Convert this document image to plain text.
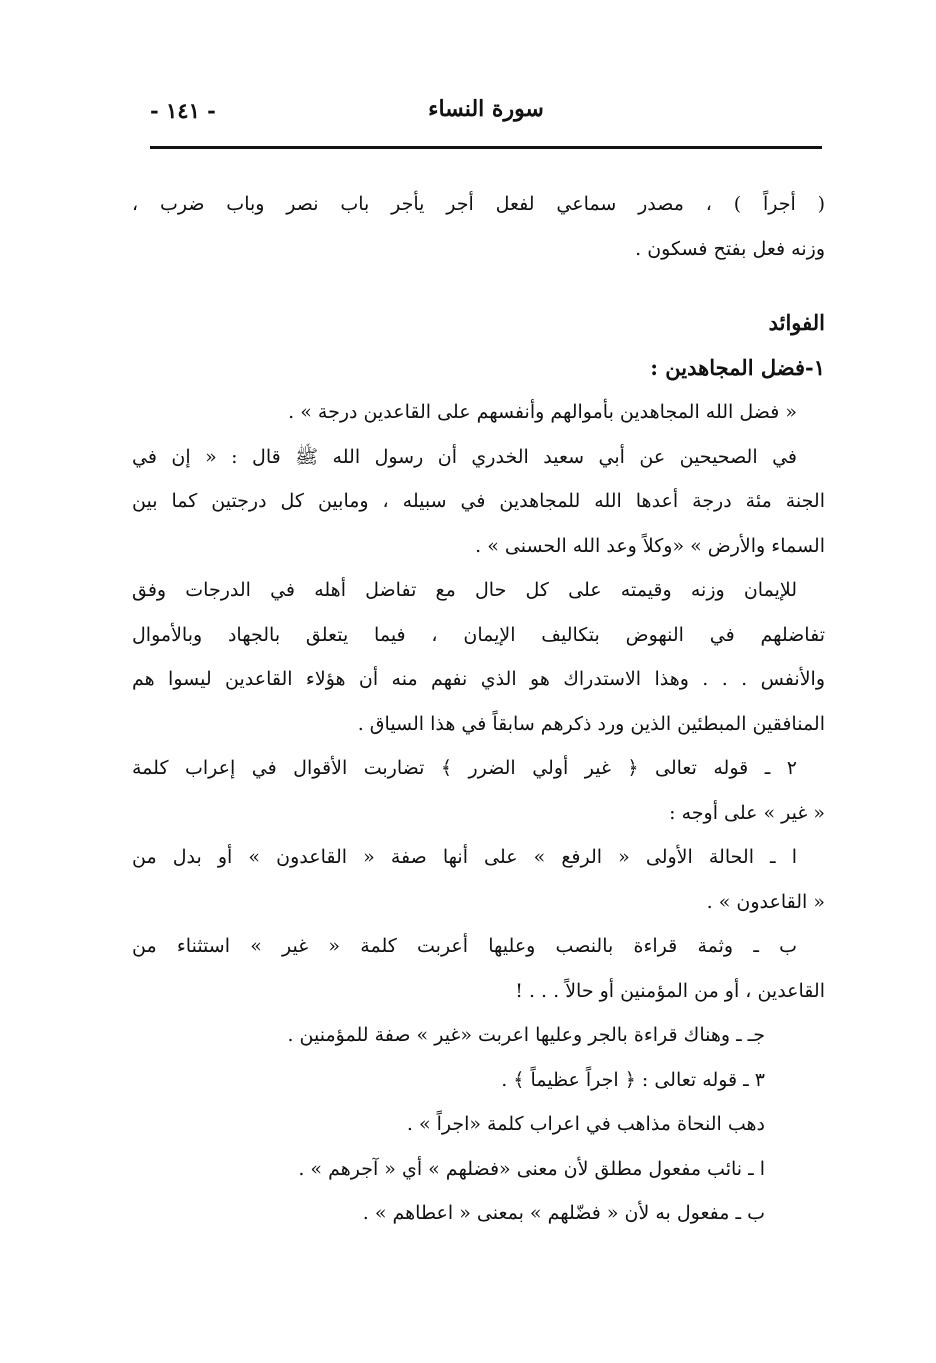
سورة النساء
- ١٤١ -
( أجراً ) ، مصدر سماعي لفعل أجر يأجر باب نصر وباب ضرب ،
وزنه فعل بفتح فسكون .
الفوائد
١-فضل المجاهدين :
« فضل الله المجاهدين بأموالهم وأنفسهم على القاعدين درجة » .
في الصحيحين عن أبي سعيد الخدري أن رسول الله ﷺ قال : « إن في
الجنة مئة درجة أعدها الله للمجاهدين في سبيله ، ومابين كل درجتين كما بين
السماء والأرض » «وكلاً وعد الله الحسنى » .
للإيمان وزنه وقيمته على كل حال مع تفاضل أهله في الدرجات وفق
تفاضلهم في النهوض بتكاليف الإيمان ، فيما يتعلق بالجهاد وبالأموال
والأنفس . . . وهذا الاستدراك هو الذي نفهم منه أن هؤلاء القاعدين ليسوا هم
المنافقين المبطئين الذين ورد ذكرهم سابقاً في هذا السياق .
٢ ـ قوله تعالى ﴿ غير أولي الضرر ﴾ تضاربت الأقوال في إعراب كلمة
« غير » على أوجه :
ا ـ الحالة الأولى « الرفع » على أنها صفة « القاعدون » أو بدل من
« القاعدون » .
ب ـ وثمة قراءة بالنصب وعليها أعربت كلمة « غير » استثناء من
القاعدين ، أو من المؤمنين أو حالاً . . . !
جـ ـ وهناك قراءة بالجر وعليها اعربت «غير » صفة للمؤمنين .
٣ ـ قوله تعالى : ﴿ اجراً عظيماً ﴾ .
دهب النحاة مذاهب في اعراب كلمة «اجراً » .
ا ـ نائب مفعول مطلق لأن معنى «فضلهم » أي « آجرهم » .
ب ـ مفعول به لأن « فضّلهم » بمعنى « اعطاهم » .
